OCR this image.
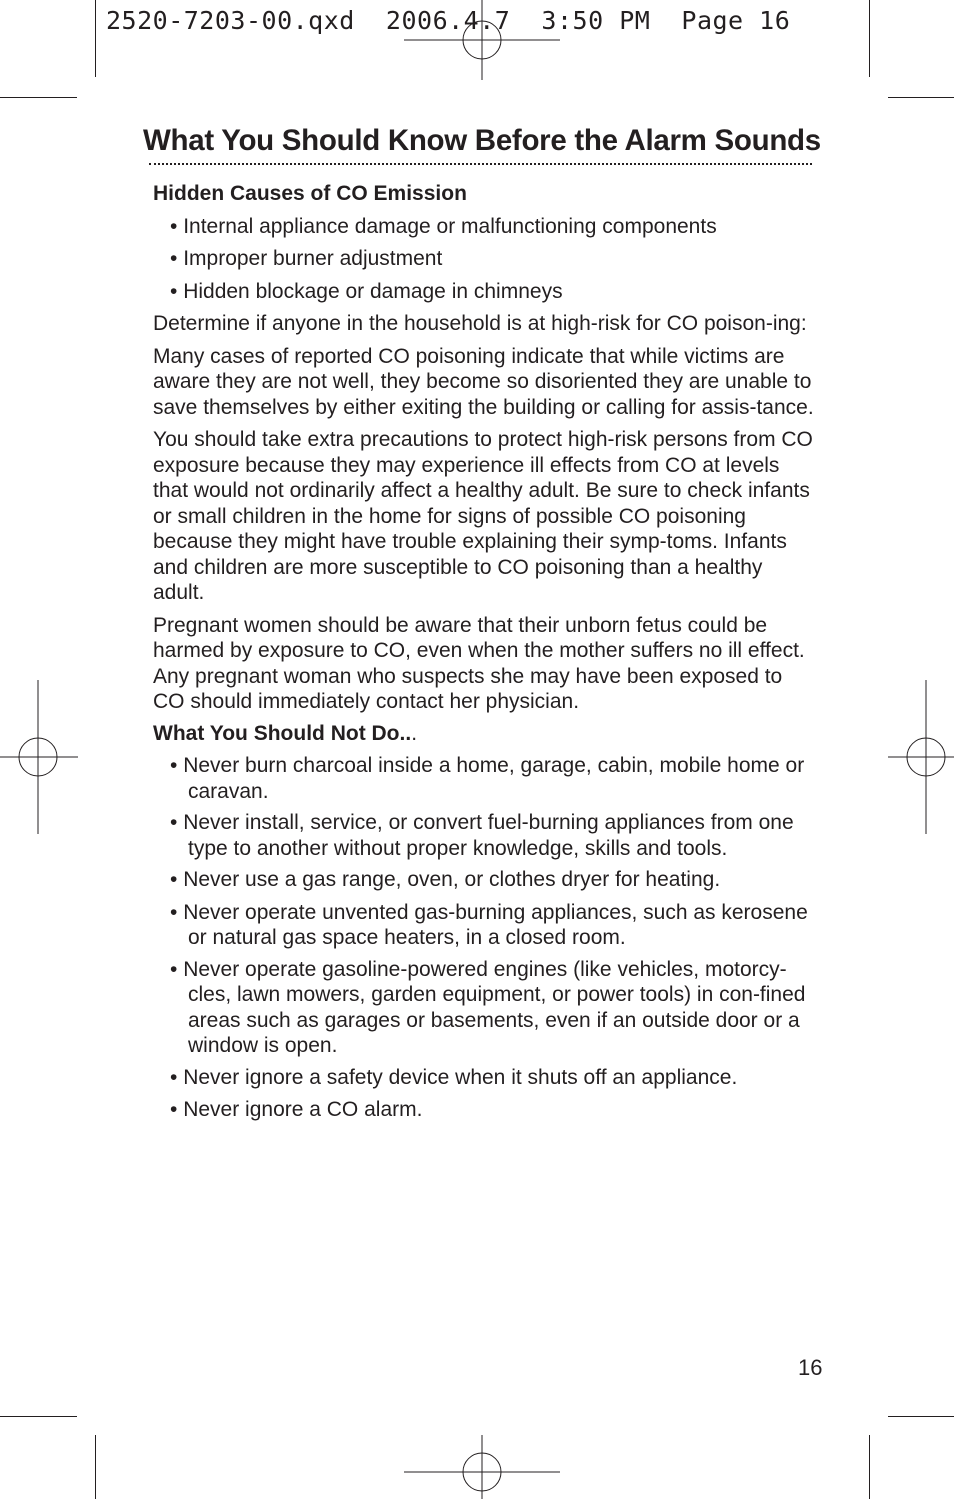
2520-7203-00.qxd  2006.4.7  3:50 PM  Page 16
What You Should Know Before the Alarm Sounds

Hidden Causes of CO Emission

• Internal appliance damage or malfunctioning components

• Improper burner adjustment

• Hidden blockage or damage in chimneys

Determine if anyone in the household is at high-risk for CO poison-ing:

Many cases of reported CO poisoning indicate that while victims are aware they are not well, they become so disoriented they are unable to save themselves by either exiting the building or calling for assis-tance.

You should take extra precautions to protect high-risk persons from CO exposure because they may experience ill effects from CO at levels that would not ordinarily affect a healthy adult. Be sure to check infants or small children in the home for signs of possible CO poisoning because they might have trouble explaining their symp-toms. Infants and children are more susceptible to CO poisoning than a healthy adult.

Pregnant women should be aware that their unborn fetus could be harmed by exposure to CO, even when the mother suffers no ill effect. Any pregnant woman who suspects she may have been exposed to CO should immediately contact her physician.

What You Should Not Do...

• Never burn charcoal inside a home, garage, cabin, mobile home or caravan.

• Never install, service, or convert fuel-burning appliances from one type to another without proper knowledge, skills and tools.

• Never use a gas range, oven, or clothes dryer for heating.

• Never operate unvented gas-burning appliances, such as kerosene or natural gas space heaters, in a closed room.

• Never operate gasoline-powered engines (like vehicles, motorcy-cles, lawn mowers, garden equipment, or power tools) in con-fined areas such as garages or basements, even if an outside door or a window is open.

• Never ignore a safety device when it shuts off an appliance.

• Never ignore a CO alarm.

16
